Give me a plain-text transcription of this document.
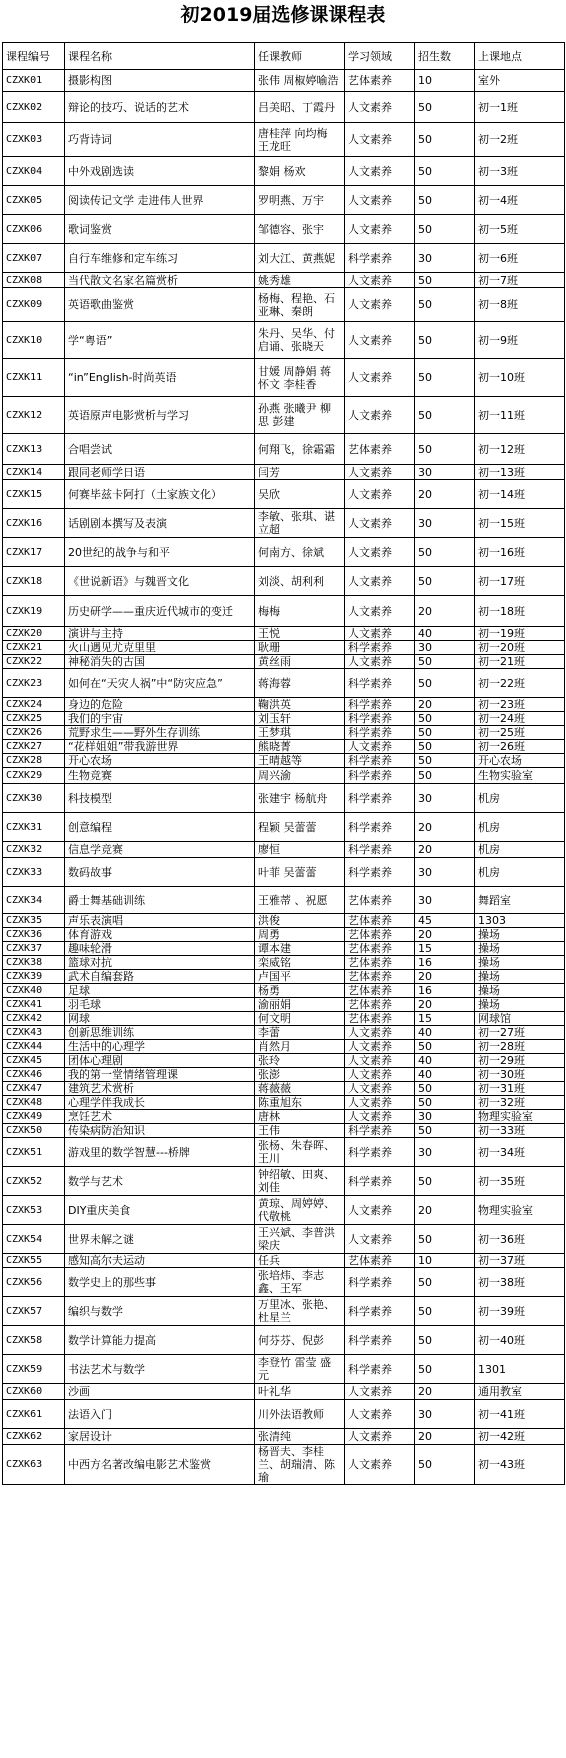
初2019届选修课课程表
课程编号	课程名称	任课教师	学习领域	招生数	上课地点
CZXK01	摄影构图	张伟 周椒婷喻浩	艺体素养	10	室外
CZXK02	辩论的技巧、说话的艺术	吕美昭、丁霞丹	人文素养	50	初一1班
CZXK03	巧背诗词	唐桂萍 向均梅 王龙旺	人文素养	50	初一2班
CZXK04	中外戏剧选读	黎娟 杨欢	人文素养	50	初一3班
CZXK05	阅读传记文学 走进伟人世界	罗明燕、万宇	人文素养	50	初一4班
CZXK06	歌词鉴赏	邹德容、张宇	人文素养	50	初一5班
CZXK07	自行车维修和定车练习	刘大江、黄燕妮	科学素养	30	初一6班
CZXK08	当代散文名家名篇赏析	姚秀雄	人文素养	50	初一7班
CZXK09	英语歌曲鉴赏	杨梅、程艳、石亚琳、秦朗	人文素养	50	初一8班
CZXK10	学“粤语”	朱丹、吴华、付启诵、张晓天	人文素养	50	初一9班
CZXK11	“in”English-时尚英语	甘媛 周静娟 蒋怀文 李桂香	人文素养	50	初一10班
CZXK12	英语原声电影赏析与学习	孙燕 张曦尹 柳思 彭建	人文素养	50	初一11班
CZXK13	合唱尝试	何翔飞，徐霜霜	艺体素养	50	初一12班
CZXK14	跟同老师学日语	闫芳	人文素养	30	初一13班
CZXK15	何赛毕兹卡阿打（土家族文化）	吴欣	人文素养	20	初一14班
CZXK16	话剧剧本撰写及表演	李敏、张琪、谌立超	人文素养	30	初一15班
CZXK17	20世纪的战争与和平	何南方、徐斌	人文素养	50	初一16班
CZXK18	《世说新语》与魏晋文化	刘淡、胡利利	人文素养	50	初一17班
CZXK19	历史研学——重庆近代城市的变迁	梅梅	人文素养	20	初一18班
CZXK20	演讲与主持	王悦	人文素养	40	初一19班
CZXK21	火山遇见尤克里里	耿珊	科学素养	30	初一20班
CZXK22	神秘消失的古国	黄丝雨	人文素养	50	初一21班
CZXK23	如何在“天灾人祸”中“防灾应急”	蒋海蓉	科学素养	50	初一22班
CZXK24	身边的危险	鞠洪英	科学素养	20	初一23班
CZXK25	我们的宇宙	刘玉轩	科学素养	50	初一24班
CZXK26	荒野求生——野外生存训练	王梦琪	科学素养	50	初一25班
CZXK27	“花样姐姐”带我游世界	熊晓菁	人文素养	50	初一26班
CZXK28	开心农场	王晴越等	科学素养	50	开心农场
CZXK29	生物竞赛	周兴渝	科学素养	50	生物实验室
CZXK30	科技模型	张建宇 杨航舟	科学素养	30	机房
CZXK31	创意编程	程颖 吴蕾蕾	科学素养	20	机房
CZXK32	信息学竞赛	廖恒	科学素养	20	机房
CZXK33	数码故事	叶菲 吴蕾蕾	科学素养	30	机房
CZXK34	爵士舞基础训练	王雅蒂 、祝愿	艺体素养	30	舞蹈室
CZXK35	声乐表演唱	洪俊	艺体素养	45	1303
CZXK36	体育游戏	周勇	艺体素养	20	操场
CZXK37	趣味轮滑	谭本建	艺体素养	15	操场
CZXK38	篮球对抗	栾威铭	艺体素养	16	操场
CZXK39	武术自编套路	卢国平	艺体素养	20	操场
CZXK40	足球	杨勇	艺体素养	16	操场
CZXK41	羽毛球	渝丽娟	艺体素养	20	操场
CZXK42	网球	何文明	艺体素养	15	网球馆
CZXK43	创新思维训练	李蕾	人文素养	40	初一27班
CZXK44	生活中的心理学	肖然月	人文素养	50	初一28班
CZXK45	团体心理剧	张玲	人文素养	40	初一29班
CZXK46	我的第一堂情绪管理课	张澎	人文素养	40	初一30班
CZXK47	建筑艺术赏析	蒋薇薇	人文素养	50	初一31班
CZXK48	心理学伴我成长	陈重旭东	人文素养	50	初一32班
CZXK49	烹饪艺术	唐林	人文素养	30	物理实验室
CZXK50	传染病防治知识	王伟	科学素养	50	初一33班
CZXK51	游戏里的数学智慧---桥牌	张杨、朱春晖、王川	科学素养	30	初一34班
CZXK52	数学与艺术	钟绍敏、田爽、刘佳	科学素养	50	初一35班
CZXK53	DIY重庆美食	黄琼、周婷婷、代敬桃	人文素养	20	物理实验室
CZXK54	世界未解之谜	王兴斌、李普洪 梁庆	人文素养	50	初一36班
CZXK55	感知高尔夫运动	任兵	艺体素养	10	初一37班
CZXK56	数学史上的那些事	张培炜、李志鑫、王军	科学素养	50	初一38班
CZXK57	编织与数学	万里冰、张艳、杜星兰	科学素养	50	初一39班
CZXK58	数学计算能力提高	何芬芬、倪彭	科学素养	50	初一40班
CZXK59	书法艺术与数学	李登竹 雷莹 盛元	科学素养	50	1301
CZXK60	沙画	叶礼华	人文素养	20	通用教室
CZXK61	法语入门	川外法语教师	人文素养	30	初一41班
CZXK62	家居设计	张清纯	人文素养	20	初一42班
CZXK63	中西方名著改编电影艺术鉴赏	杨晋夫、李桂兰、胡瑞清、陈瑜	人文素养	50	初一43班
